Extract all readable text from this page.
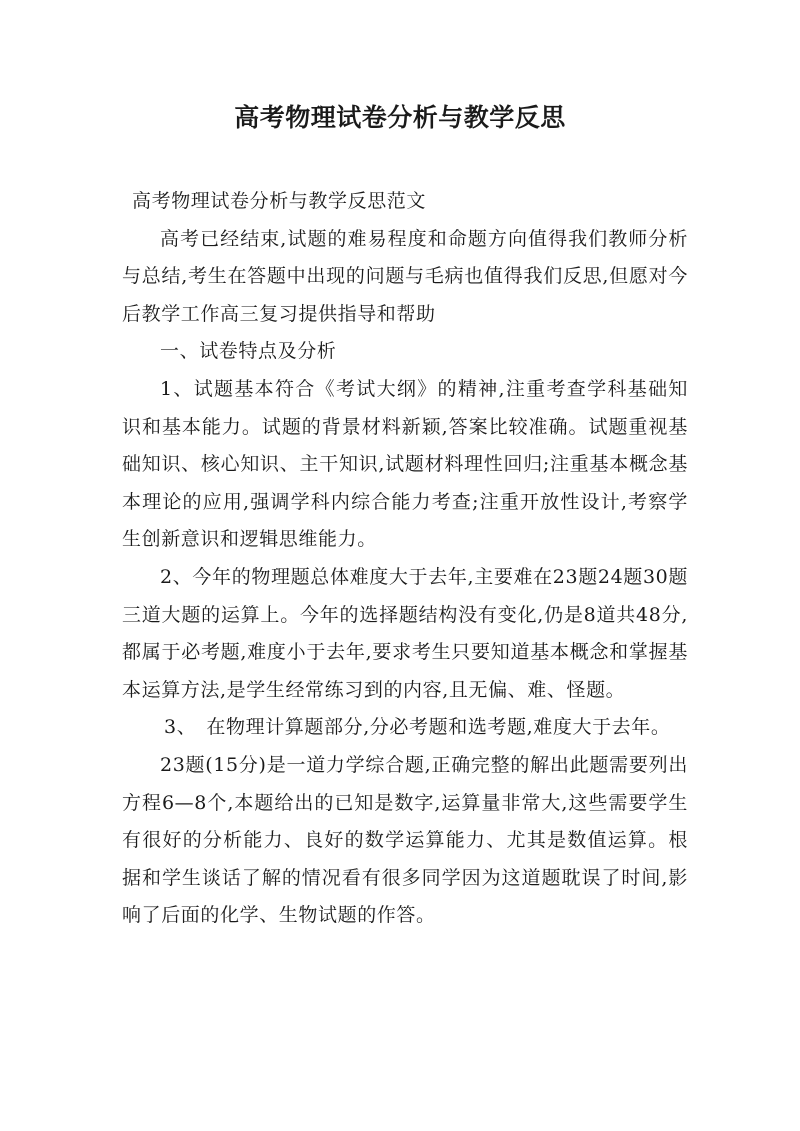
高考物理试卷分析与教学反思

高考物理试卷分析与教学反思范文

高考已经结束,试题的难易程度和命题方向值得我们教师分析与总结,考生在答题中出现的问题与毛病也值得我们反思,但愿对今后教学工作高三复习提供指导和帮助

一、试卷特点及分析

1、试题基本符合《考试大纲》的精神,注重考查学科基础知识和基本能力。试题的背景材料新颖,答案比较准确。试题重视基础知识、核心知识、主干知识,试题材料理性回归;注重基本概念基本理论的应用,强调学科内综合能力考查;注重开放性设计,考察学生创新意识和逻辑思维能力。

2、今年的物理题总体难度大于去年,主要难在23题24题30题三道大题的运算上。今年的选择题结构没有变化,仍是8道共48分,都属于必考题,难度小于去年,要求考生只要知道基本概念和掌握基本运算方法,是学生经常练习到的内容,且无偏、难、怪题。

3、　在物理计算题部分,分必考题和选考题,难度大于去年。

23题(15分)是一道力学综合题,正确完整的解出此题需要列出方程6—8个,本题给出的已知是数字,运算量非常大,这些需要学生有很好的分析能力、良好的数学运算能力、尤其是数值运算。根据和学生谈话了解的情况看有很多同学因为这道题耽误了时间,影响了后面的化学、生物试题的作答。
